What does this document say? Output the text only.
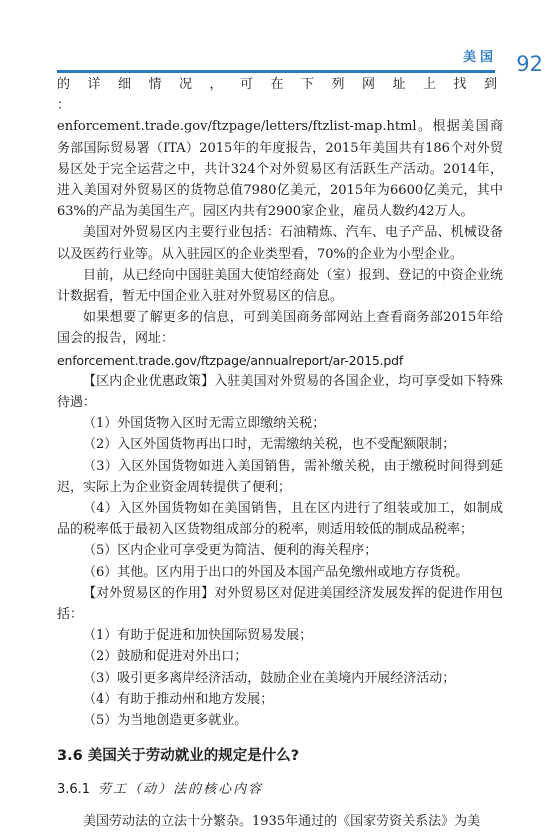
美国 92

的 详 细 情 况 ， 可 在 下 列 网 址 上 找 到 ：

enforcement.trade.gov/ftzpage/letters/ftzlist-map.html。根据美国商务部国际贸易署（ITA）2015年的年度报告，2015年美国共有186个对外贸易区处于完全运营之中，共计324个对外贸易区有活跃生产活动。2014年，进入美国对外贸易区的货物总值7980亿美元，2015年为6600亿美元，其中63%的产品为美国生产。园区内共有2900家企业，雇员人数约42万人。

美国对外贸易区内主要行业包括：石油精炼、汽车、电子产品、机械设备以及医药行业等。从入驻园区的企业类型看，70%的企业为小型企业。

目前，从已经向中国驻美国大使馆经商处（室）报到、登记的中资企业统计数据看，暂无中国企业入驻对外贸易区的信息。

如果想要了解更多的信息，可到美国商务部网站上查看商务部2015年给国会的报告，网址：

enforcement.trade.gov/ftzpage/annualreport/ar-2015.pdf

【区内企业优惠政策】入驻美国对外贸易的各国企业，均可享受如下特殊待遇：

（1）外国货物入区时无需立即缴纳关税；

（2）入区外国货物再出口时，无需缴纳关税，也不受配额限制；

（3）入区外国货物如进入美国销售，需补缴关税，由于缴税时间得到延迟，实际上为企业资金周转提供了便利；

（4）入区外国货物如在美国销售，且在区内进行了组装或加工，如制成品的税率低于最初入区货物组成部分的税率，则适用较低的制成品税率；

（5）区内企业可享受更为简洁、便利的海关程序；

（6）其他。区内用于出口的外国及本国产品免缴州或地方存货税。

【对外贸易区的作用】对外贸易区对促进美国经济发展发挥的促进作用包括：

（1）有助于促进和加快国际贸易发展；

（2）鼓励和促进对外出口；

（3）吸引更多离岸经济活动，鼓励企业在美境内开展经济活动；

（4）有助于推动州和地方发展；

（5）为当地创造更多就业。

3.6 美国关于劳动就业的规定是什么?

3.6.1 劳工（动）法的核心内容

美国劳动法的立法十分繁杂。1935年通过的《国家劳资关系法》为美
